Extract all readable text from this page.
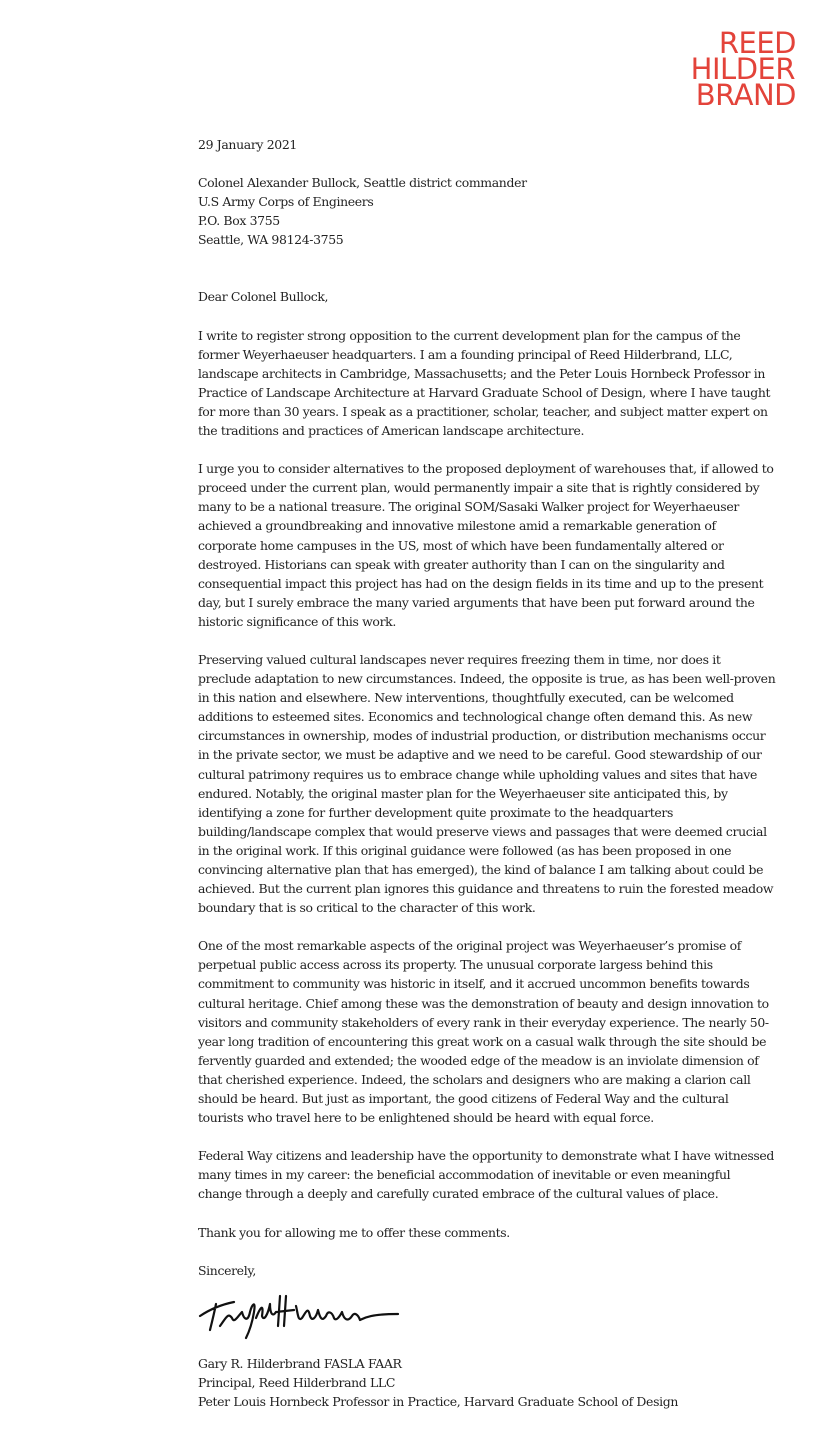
REED
HILDER
BRAND

29 January 2021

Colonel Alexander Bullock, Seattle district commander

U.S Army Corps of Engineers

P.O. Box 3755

Seattle, WA 98124-3755

Dear Colonel Bullock,

I write to register strong opposition to the current development plan for the campus of the former Weyerhaeuser headquarters. I am a founding principal of Reed Hilderbrand, LLC, landscape architects in Cambridge, Massachusetts; and the Peter Louis Hornbeck Professor in Practice of Landscape Architecture at Harvard Graduate School of Design, where I have taught for more than 30 years. I speak as a practitioner, scholar, teacher, and subject matter expert on the traditions and practices of American landscape architecture.

I urge you to consider alternatives to the proposed deployment of warehouses that, if allowed to proceed under the current plan, would permanently impair a site that is rightly considered by many to be a national treasure. The original SOM/Sasaki Walker project for Weyerhaeuser achieved a groundbreaking and innovative milestone amid a remarkable generation of corporate home campuses in the US, most of which have been fundamentally altered or destroyed. Historians can speak with greater authority than I can on the singularity and consequential impact this project has had on the design fields in its time and up to the present day, but I surely embrace the many varied arguments that have been put forward around the historic significance of this work.

Preserving valued cultural landscapes never requires freezing them in time, nor does it preclude adaptation to new circumstances. Indeed, the opposite is true, as has been well-proven in this nation and elsewhere. New interventions, thoughtfully executed, can be welcomed additions to esteemed sites. Economics and technological change often demand this. As new circumstances in ownership, modes of industrial production, or distribution mechanisms occur in the private sector, we must be adaptive and we need to be careful. Good stewardship of our cultural patrimony requires us to embrace change while upholding values and sites that have endured. Notably, the original master plan for the Weyerhaeuser site anticipated this, by identifying a zone for further development quite proximate to the headquarters building/landscape complex that would preserve views and passages that were deemed crucial in the original work. If this original guidance were followed (as has been proposed in one convincing alternative plan that has emerged), the kind of balance I am talking about could be achieved. But the current plan ignores this guidance and threatens to ruin the forested meadow boundary that is so critical to the character of this work.

One of the most remarkable aspects of the original project was Weyerhaeuser’s promise of perpetual public access across its property. The unusual corporate largess behind this commitment to community was historic in itself, and it accrued uncommon benefits towards cultural heritage. Chief among these was the demonstration of beauty and design innovation to visitors and community stakeholders of every rank in their everyday experience. The nearly 50-year long tradition of encountering this great work on a casual walk through the site should be fervently guarded and extended; the wooded edge of the meadow is an inviolate dimension of that cherished experience. Indeed, the scholars and designers who are making a clarion call should be heard. But just as important, the good citizens of Federal Way and the cultural tourists who travel here to be enlightened should be heard with equal force.

Federal Way citizens and leadership have the opportunity to demonstrate what I have witnessed many times in my career: the beneficial accommodation of inevitable or even meaningful change through a deeply and carefully curated embrace of the cultural values of place.

Thank you for allowing me to offer these comments.

Sincerely,

Gary R. Hilderbrand FASLA FAAR

Principal, Reed Hilderbrand LLC

Peter Louis Hornbeck Professor in Practice, Harvard Graduate School of Design
